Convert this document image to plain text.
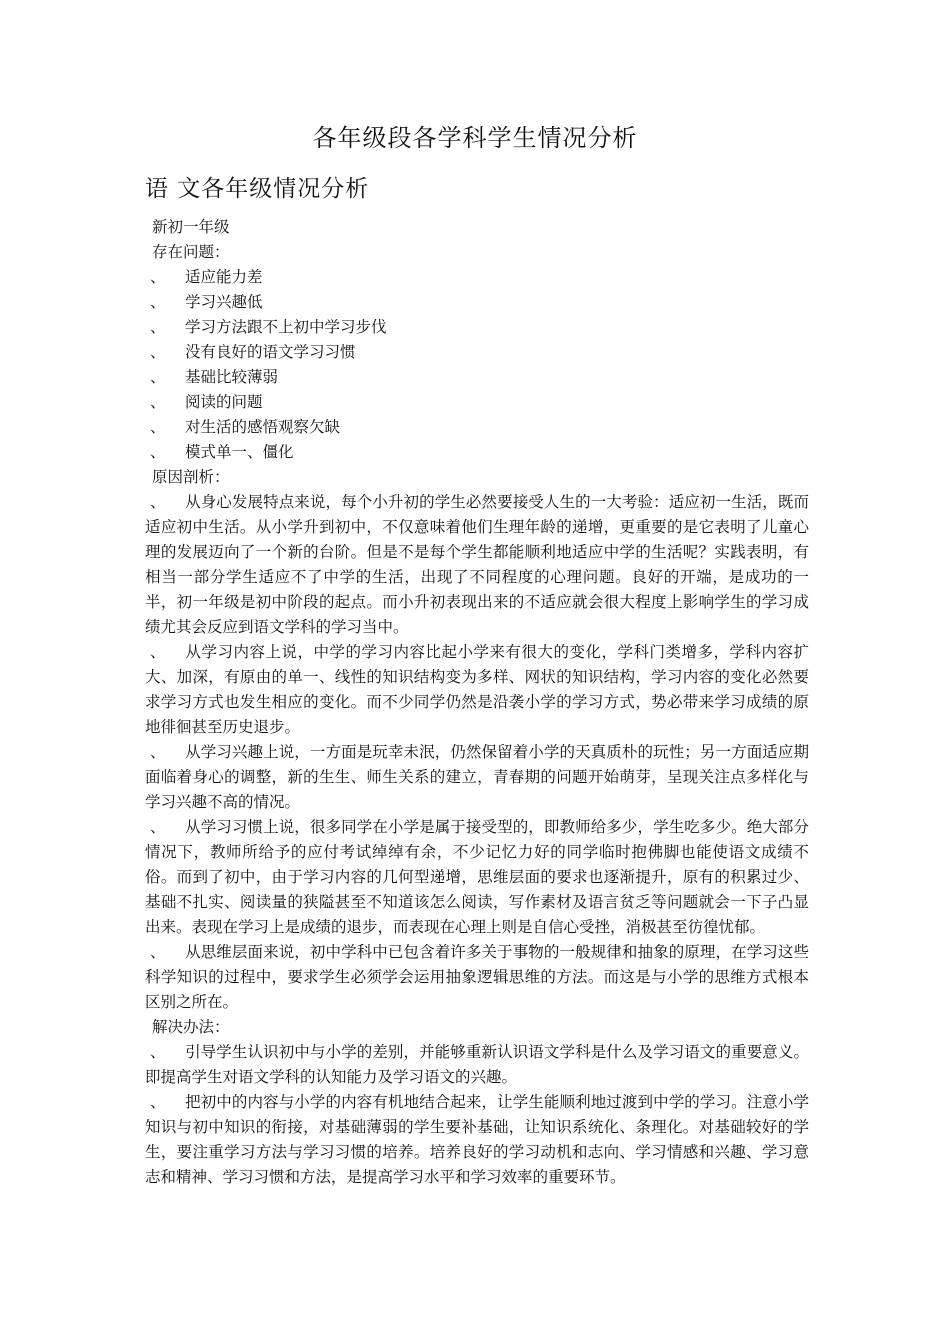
各年级段各学科学生情况分析
语 文各年级情况分析
新初一年级
存在问题：
、	适应能力差
、	学习兴趣低
、	学习方法跟不上初中学习步伐
、	没有良好的语文学习习惯
、	基础比较薄弱
、	阅读的问题
、	对生活的感悟观察欠缺
、	模式单一、僵化
原因剖析：

、 从身心发展特点来说，每个小升初的学生必然要接受人生的一大考验：适应初一生活，既而适应初中生活。从小学升到初中，不仅意味着他们生理年龄的递增，更重要的是它表明了儿童心理的发展迈向了一个新的台阶。但是不是每个学生都能顺利地适应中学的生活呢？实践表明，有相当一部分学生适应不了中学的生活，出现了不同程度的心理问题。良好的开端，是成功的一半，初一年级是初中阶段的起点。而小升初表现出来的不适应就会很大程度上影响学生的学习成绩尤其会反应到语文学科的学习当中。

、 从学习内容上说，中学的学习内容比起小学来有很大的变化，学科门类增多，学科内容扩大、加深，有原由的单一、线性的知识结构变为多样、网状的知识结构，学习内容的变化必然要求学习方式也发生相应的变化。而不少同学仍然是沿袭小学的学习方式，势必带来学习成绩的原地徘徊甚至历史退步。

、 从学习兴趣上说，一方面是玩幸未泯，仍然保留着小学的天真质朴的玩性；另一方面适应期面临着身心的调整，新的生生、师生关系的建立，青春期的问题开始萌芽，呈现关注点多样化与学习兴趣不高的情况。

、 从学习习惯上说，很多同学在小学是属于接受型的，即教师给多少，学生吃多少。绝大部分情况下，教师所给予的应付考试绰绰有余，不少记忆力好的同学临时抱佛脚也能使语文成绩不俗。而到了初中，由于学习内容的几何型递增，思维层面的要求也逐渐提升，原有的积累过少、基础不扎实、阅读量的狭隘甚至不知道该怎么阅读，写作素材及语言贫乏等问题就会一下子凸显出来。表现在学习上是成绩的退步，而表现在心理上则是自信心受挫，消极甚至彷徨忧郁。

、 从思维层面来说，初中学科中已包含着许多关于事物的一般规律和抽象的原理，在学习这些科学知识的过程中，要求学生必须学会运用抽象逻辑思维的方法。而这是与小学的思维方式根本区别之所在。

解决办法：

、 引导学生认识初中与小学的差别，并能够重新认识语文学科是什么及学习语文的重要意义。即提高学生对语文学科的认知能力及学习语文的兴趣。

、 把初中的内容与小学的内容有机地结合起来，让学生能顺利地过渡到中学的学习。注意小学知识与初中知识的衔接，对基础薄弱的学生要补基础，让知识系统化、条理化。对基础较好的学生，要注重学习方法与学习习惯的培养。培养良好的学习动机和志向、学习情感和兴趣、学习意志和精神、学习习惯和方法，是提高学习水平和学习效率的重要环节。
